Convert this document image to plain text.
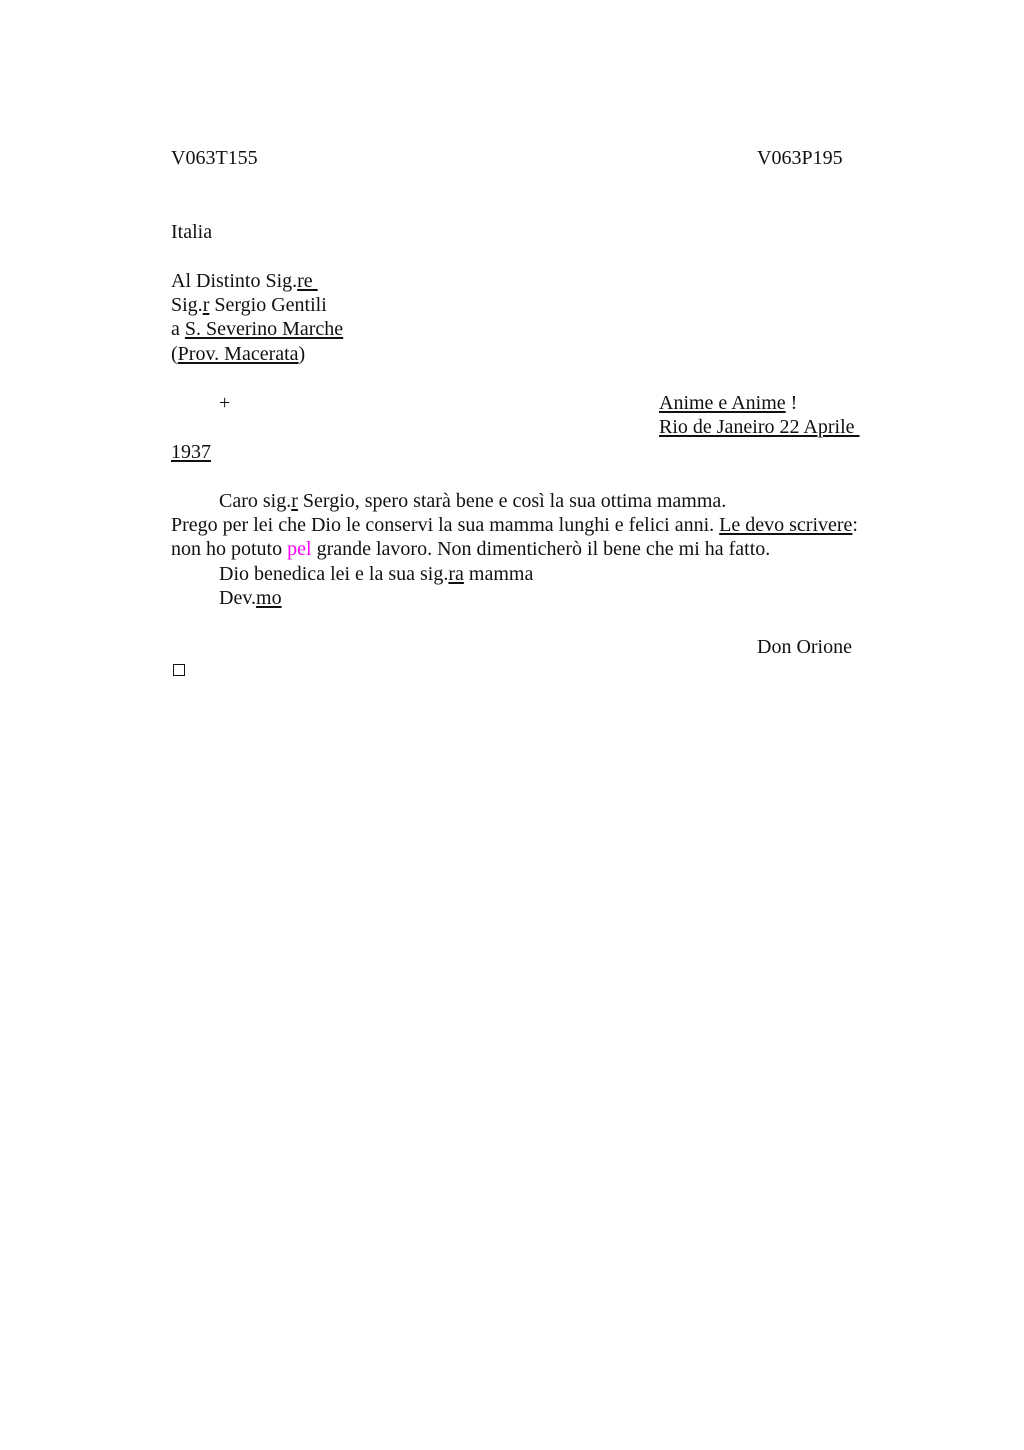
V063T155	V063P195
Italia
Al Distinto Sig.re
Sig.r Sergio Gentili
a S. Severino Marche
(Prov. Macerata)
+	Anime e Anime !
Rio de Janeiro 22 Aprile
1937
Caro sig.r Sergio, spero starà bene e così la sua ottima mamma.
Prego per lei che Dio le conservi la sua mamma lunghi e felici anni. Le devo scrivere:
non ho potuto pel grande lavoro. Non dimenticherò il bene che mi ha fatto.
Dio benedica lei e la sua sig.ra mamma
Dev.mo
Don Orione
